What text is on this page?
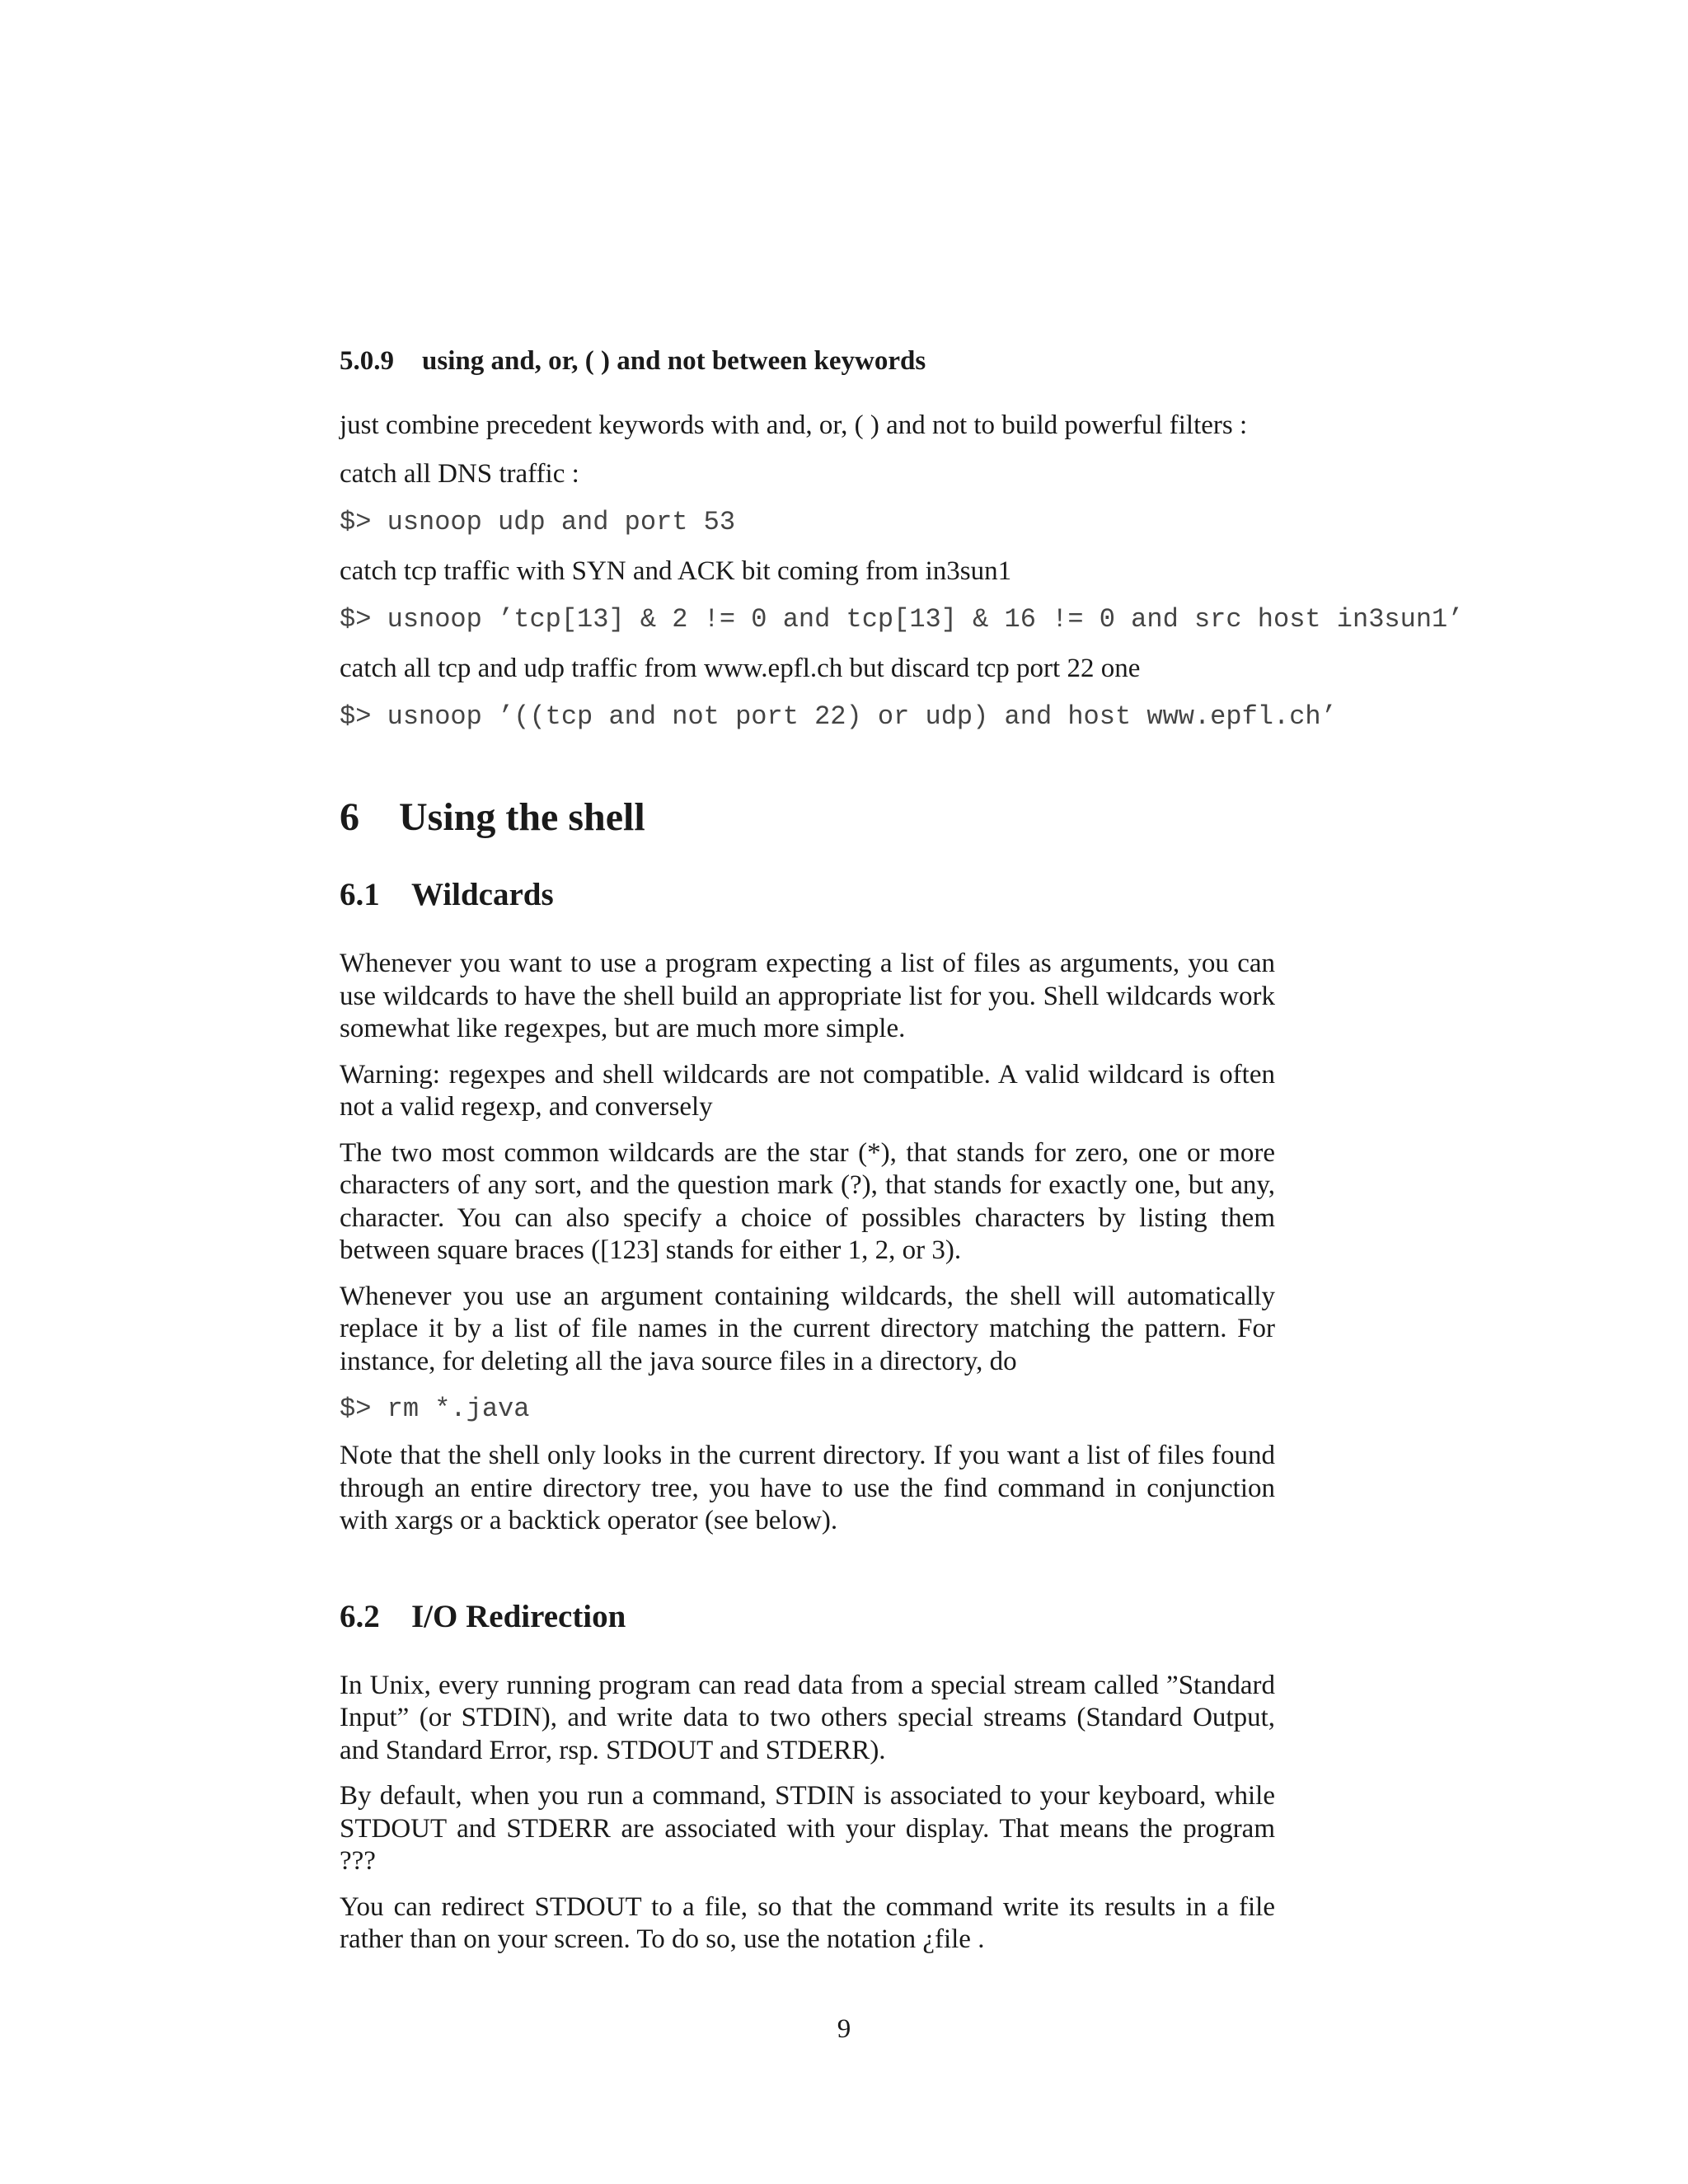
5.0.9 using and, or, ( ) and not between keywords
just combine precedent keywords with and, or, ( ) and not to build powerful filters :
catch all DNS traffic :
$> usnoop udp and port 53
catch tcp traffic with SYN and ACK bit coming from in3sun1
$> usnoop ’tcp[13] & 2 != 0 and tcp[13] & 16 != 0 and src host in3sun1’
catch all tcp and udp traffic from www.epfl.ch but discard tcp port 22 one
$> usnoop ’((tcp and not port 22) or udp) and host www.epfl.ch’
6 Using the shell
6.1 Wildcards
Whenever you want to use a program expecting a list of files as arguments, you can use wildcards to have the shell build an appropriate list for you. Shell wildcards work somewhat like regexpes, but are much more simple.
Warning: regexpes and shell wildcards are not compatible. A valid wildcard is often not a valid regexp, and conversely
The two most common wildcards are the star (*), that stands for zero, one or more characters of any sort, and the question mark (?), that stands for exactly one, but any, character. You can also specify a choice of possibles characters by listing them between square braces ([123] stands for either 1, 2, or 3).
Whenever you use an argument containing wildcards, the shell will automatically replace it by a list of file names in the current directory matching the pattern. For instance, for deleting all the java source files in a directory, do
$> rm *.java
Note that the shell only looks in the current directory. If you want a list of files found through an entire directory tree, you have to use the find command in conjunction with xargs or a backtick operator (see below).
6.2 I/O Redirection
In Unix, every running program can read data from a special stream called ”Standard Input” (or STDIN), and write data to two others special streams (Standard Output, and Standard Error, rsp. STDOUT and STDERR).
By default, when you run a command, STDIN is associated to your keyboard, while STDOUT and STDERR are associated with your display. That means the program ???
You can redirect STDOUT to a file, so that the command write its results in a file rather than on your screen. To do so, use the notation ¿file .
9
